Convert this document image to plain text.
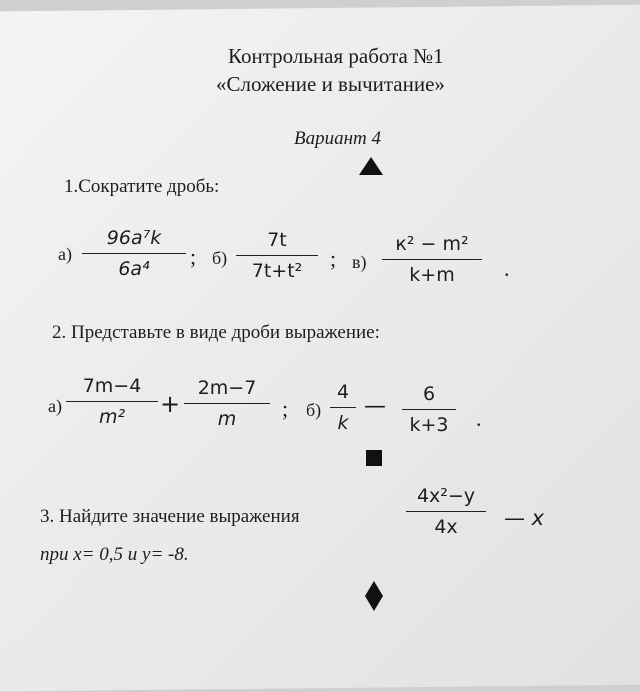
Контрольная работа №1
«Сложение и вычитание»
Вариант 4
1.Сократите дробь:
а)
96a⁷k
6a⁴	; б)
7t
7t+t²	; в)
к² − m²
k+m	.
2. Представьте в виде дроби выражение:
а)
7m−4
m²	+
2m−7
m	; б)
4
k
—	6
k+3	.
3. Найдите значение выражения
4x²−y
4x	— x
при x= 0,5 и y= -8.
